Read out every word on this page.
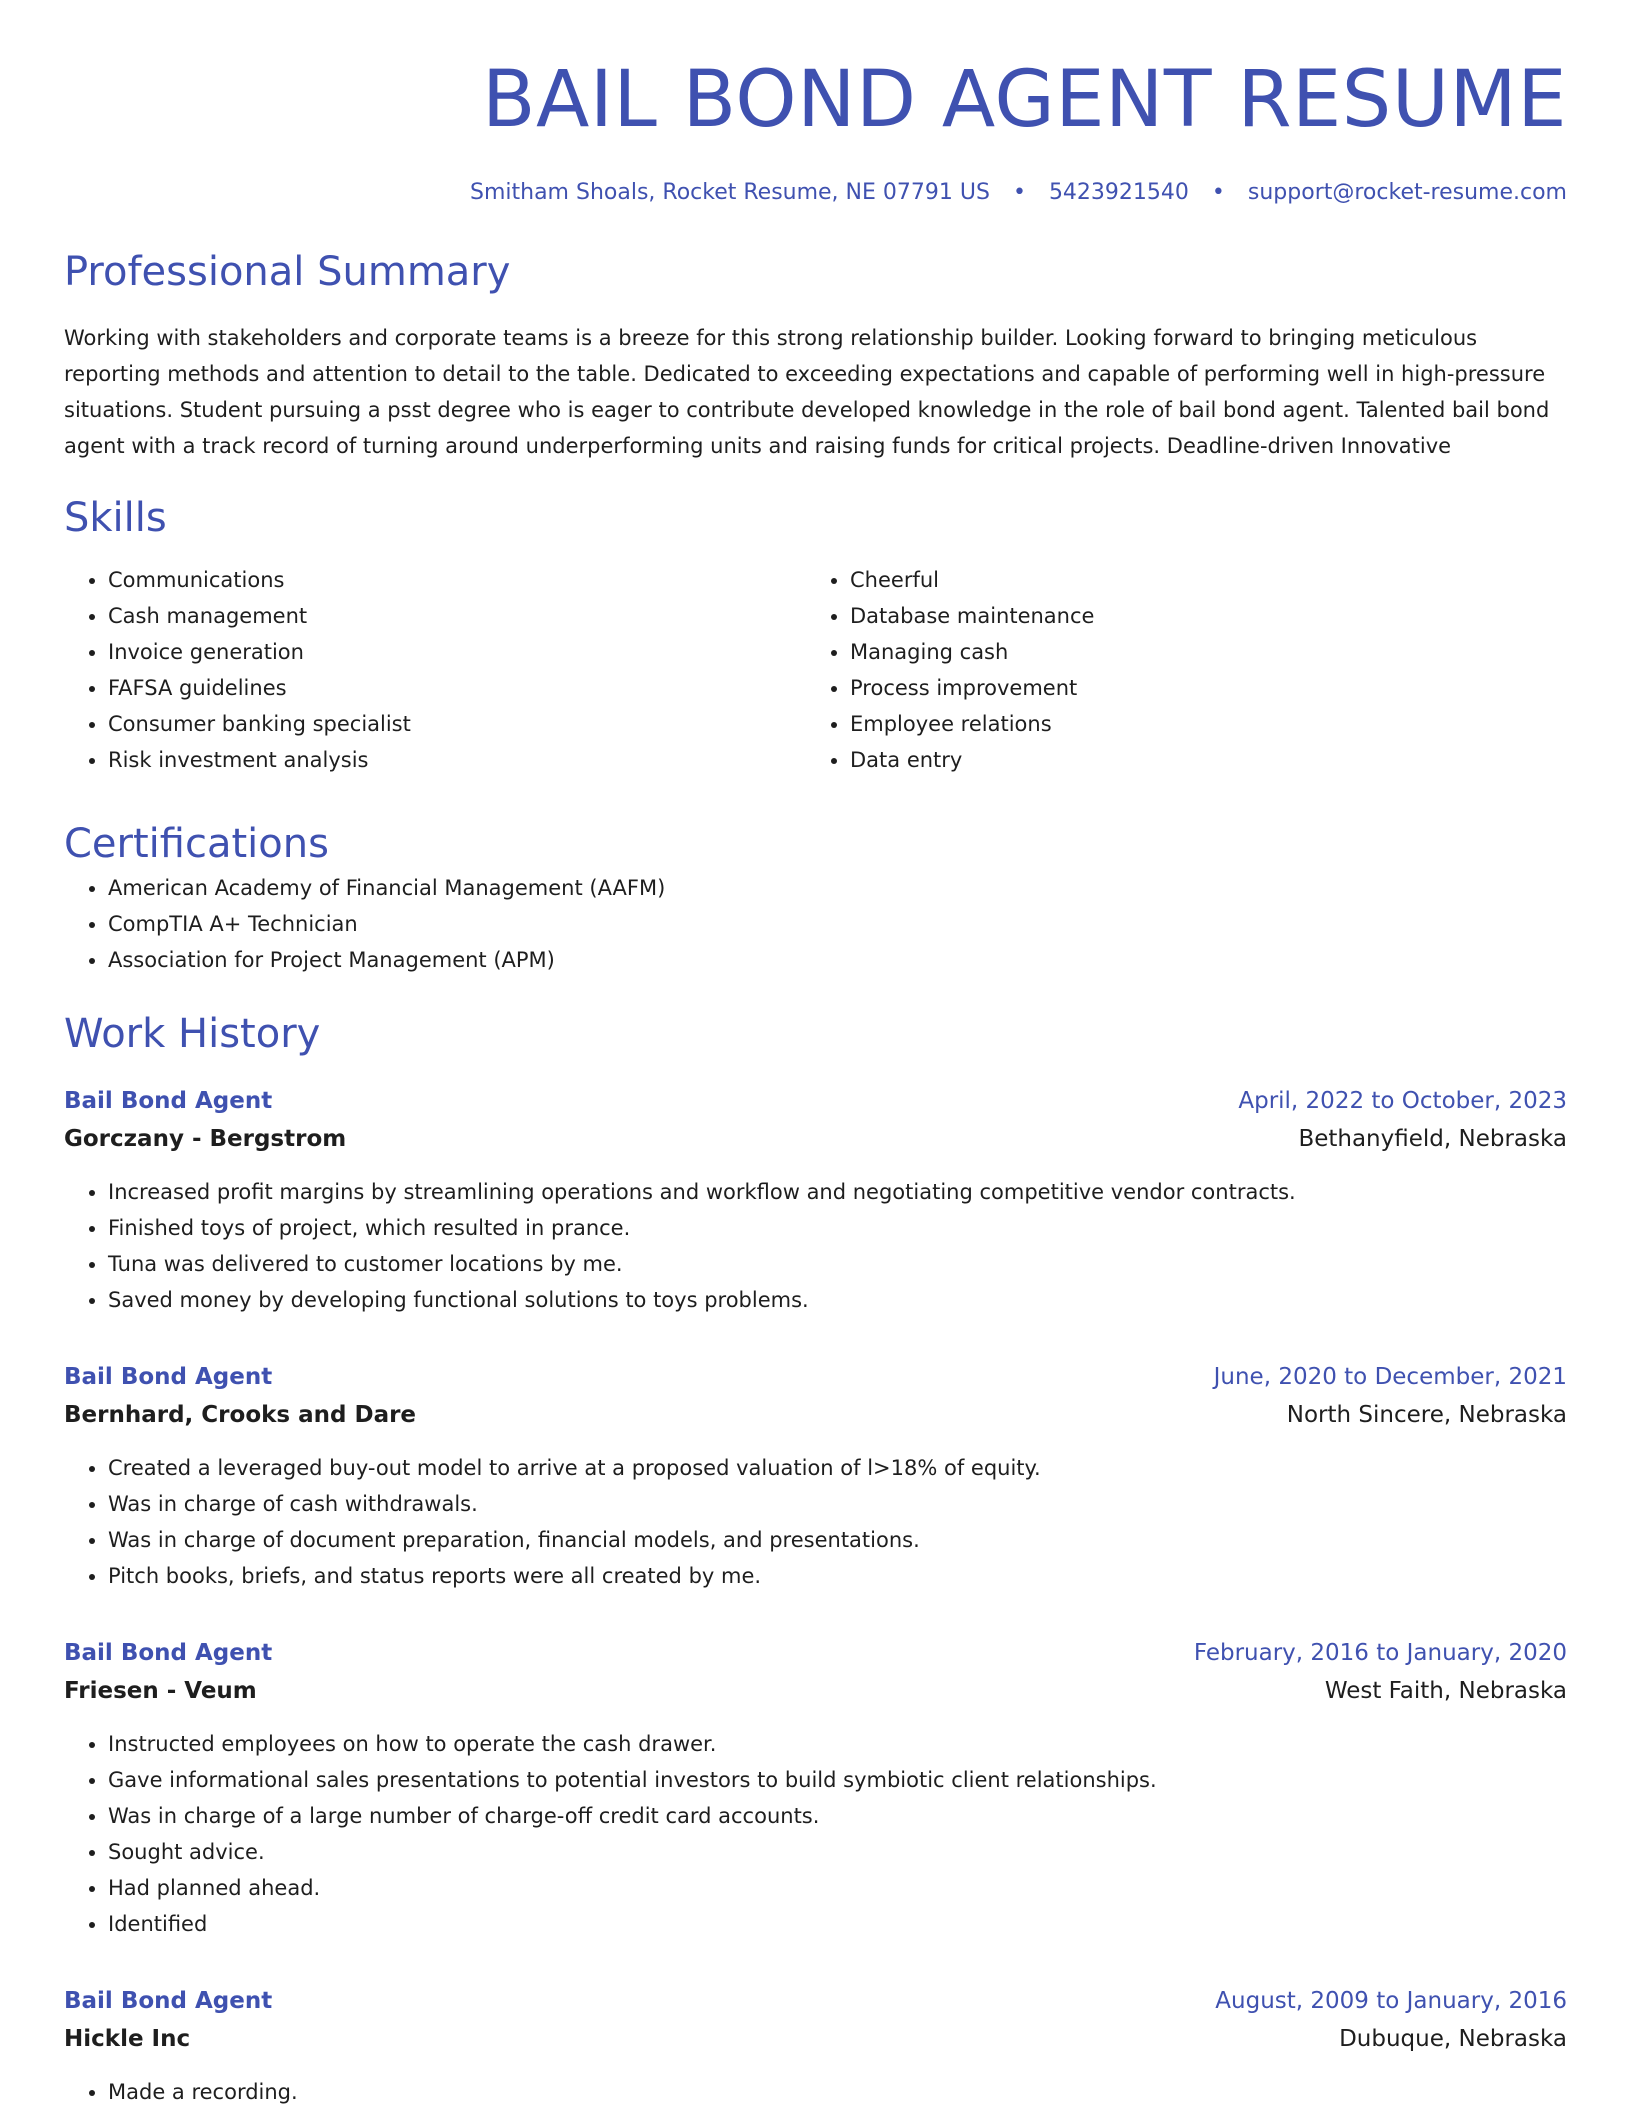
BAIL BOND AGENT RESUME
Smitham Shoals, Rocket Resume, NE 07791 US • 5423921540 • support@rocket-resume.com
Professional Summary

Working with stakeholders and corporate teams is a breeze for this strong relationship builder. Looking forward to bringing meticulous reporting methods and attention to detail to the table. Dedicated to exceeding expectations and capable of performing well in high-pressure situations. Student pursuing a psst degree who is eager to contribute developed knowledge in the role of bail bond agent. Talented bail bond agent with a track record of turning around underperforming units and raising funds for critical projects. Deadline-driven Innovative

Skills
• Communications
• Cash management
• Invoice generation
• FAFSA guidelines
• Consumer banking specialist
• Risk investment analysis
• Cheerful
• Database maintenance
• Managing cash
• Process improvement
• Employee relations
• Data entry
Certifications
• American Academy of Financial Management (AAFM)
• CompTIA A+ Technician
• Association for Project Management (APM)
Work History
Bail Bond Agent	April, 2022 to October, 2023
Gorczany - Bergstrom	Bethanyfield, Nebraska
• Increased profit margins by streamlining operations and workflow and negotiating competitive vendor contracts.
• Finished toys of project, which resulted in prance.
• Tuna was delivered to customer locations by me.
• Saved money by developing functional solutions to toys problems.
Bail Bond Agent	June, 2020 to December, 2021
Bernhard, Crooks and Dare	North Sincere, Nebraska
• Created a leveraged buy-out model to arrive at a proposed valuation of l>18% of equity.
• Was in charge of cash withdrawals.
• Was in charge of document preparation, financial models, and presentations.
• Pitch books, briefs, and status reports were all created by me.
Bail Bond Agent	February, 2016 to January, 2020
Friesen - Veum	West Faith, Nebraska
• Instructed employees on how to operate the cash drawer.
• Gave informational sales presentations to potential investors to build symbiotic client relationships.
• Was in charge of a large number of charge-off credit card accounts.
• Sought advice.
• Had planned ahead.
• Identified
Bail Bond Agent	August, 2009 to January, 2016
Hickle Inc	Dubuque, Nebraska
• Made a recording.
